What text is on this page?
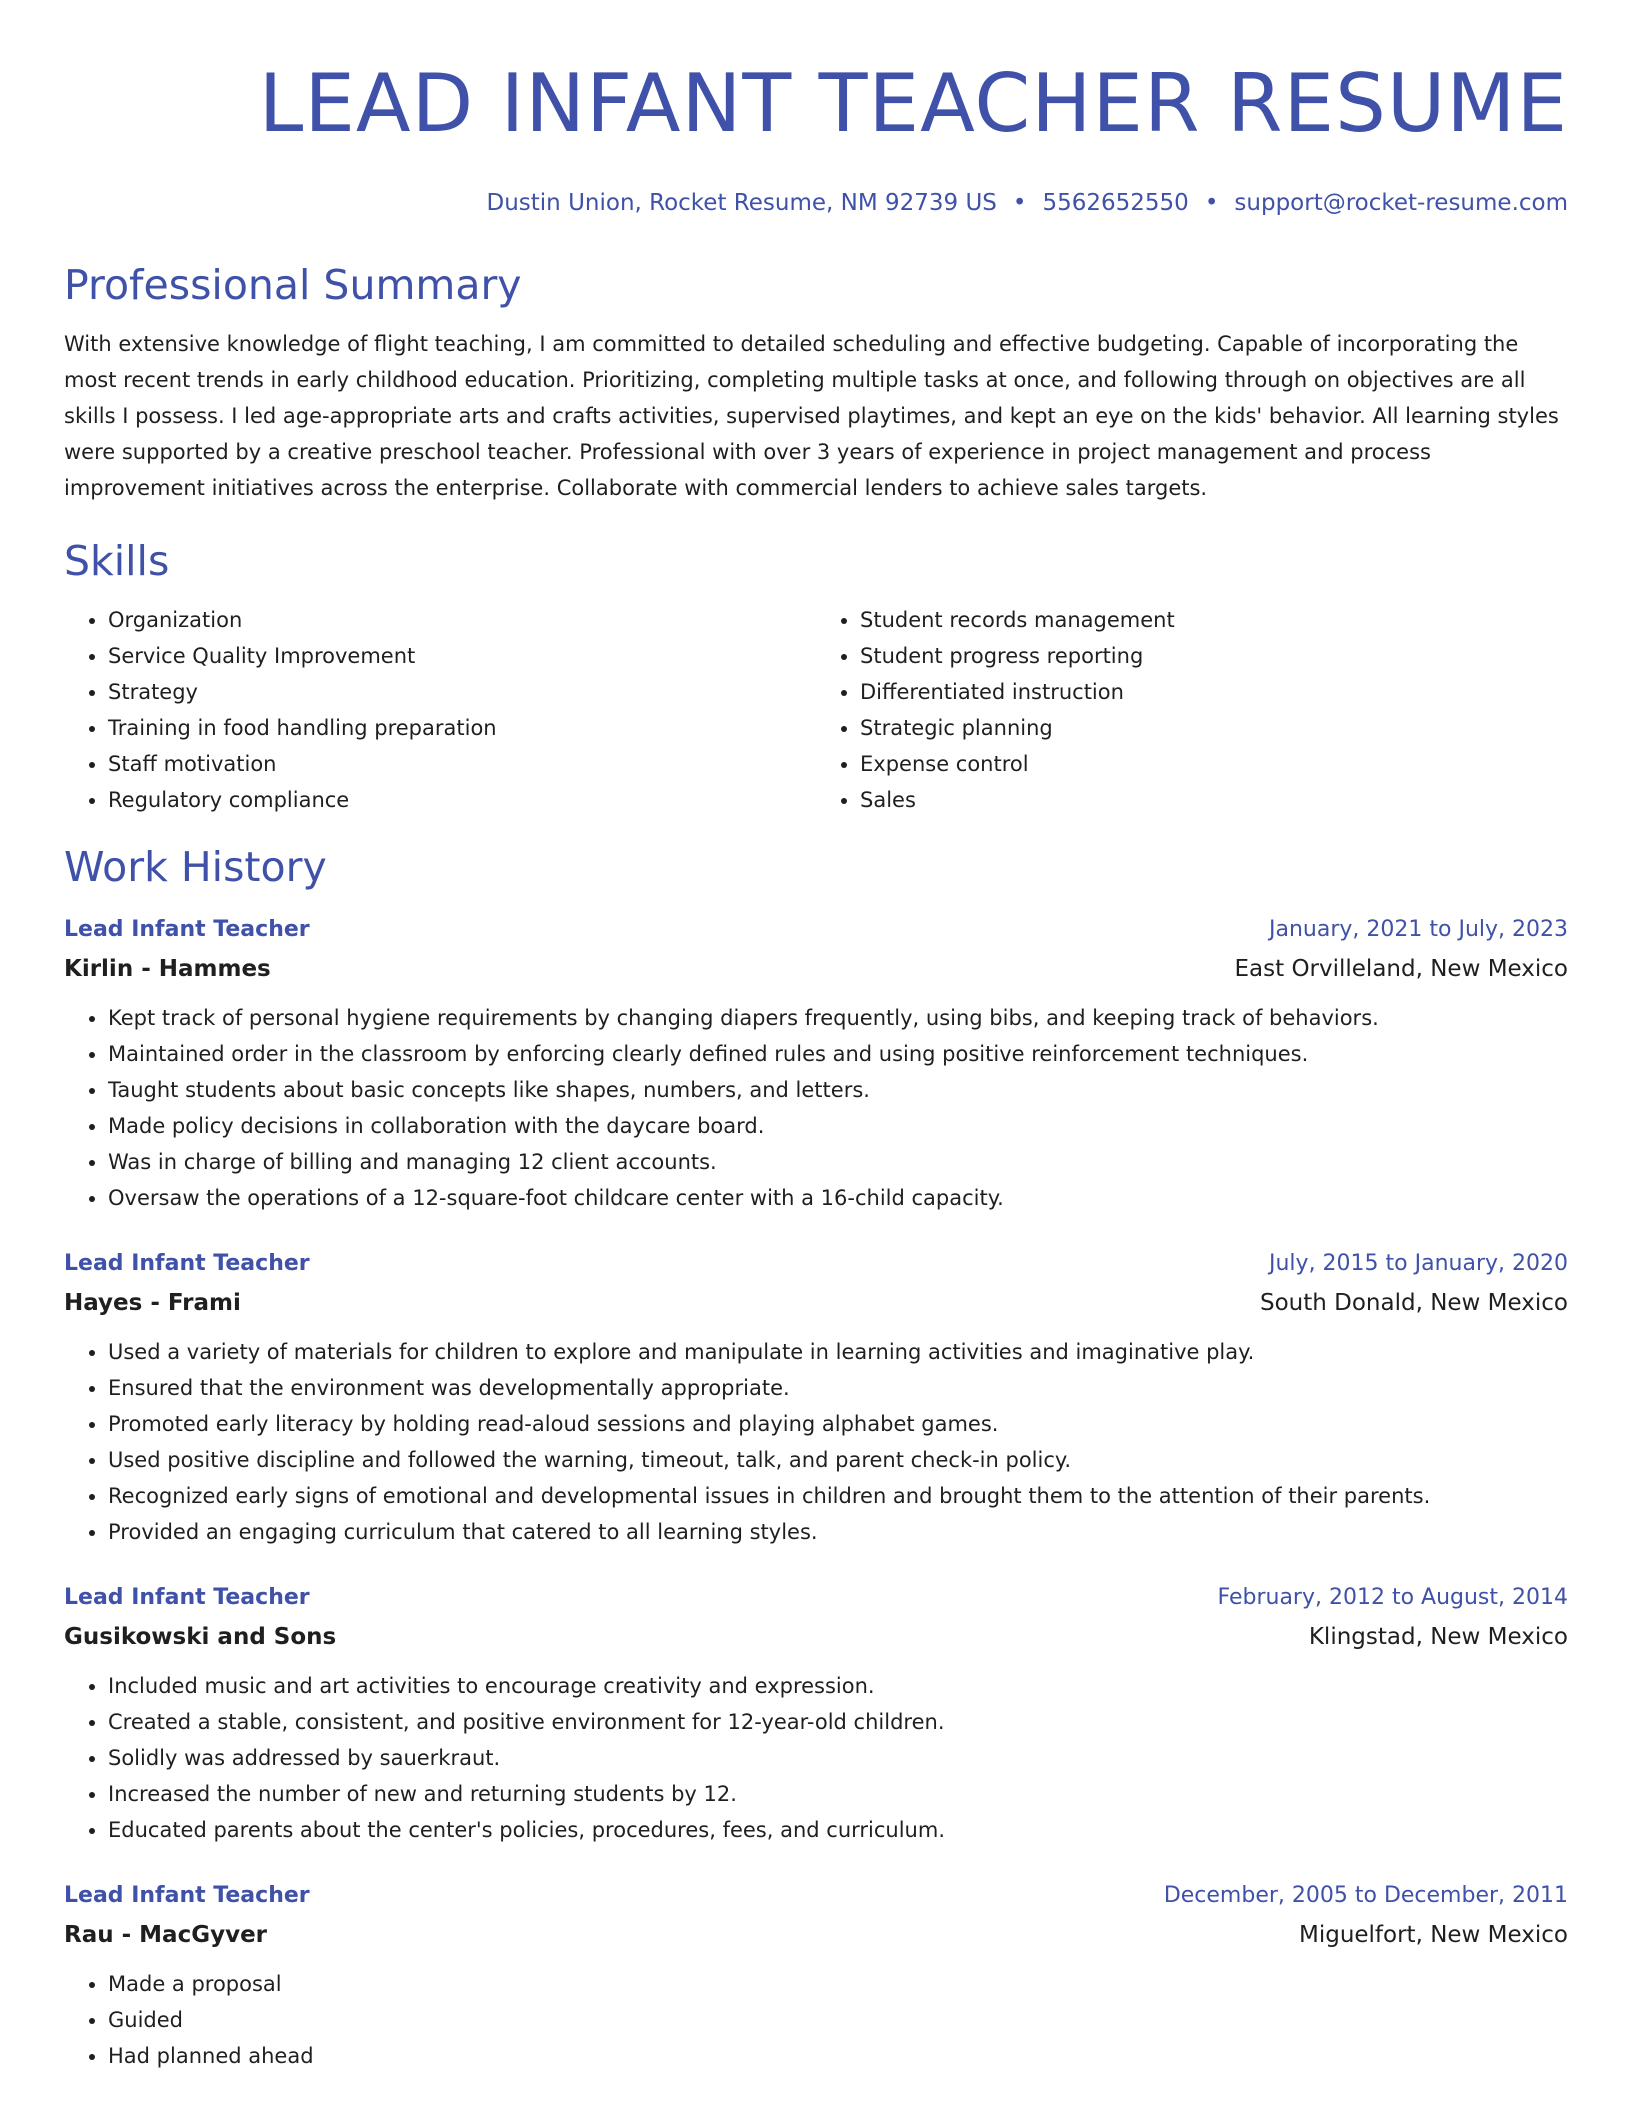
LEAD INFANT TEACHER RESUME
Dustin Union, Rocket Resume, NM 92739 US • 5562652550 • support@rocket-resume.com
Professional Summary
With extensive knowledge of flight teaching, I am committed to detailed scheduling and effective budgeting. Capable of incorporating the most recent trends in early childhood education. Prioritizing, completing multiple tasks at once, and following through on objectives are all skills I possess. I led age-appropriate arts and crafts activities, supervised playtimes, and kept an eye on the kids' behavior. All learning styles were supported by a creative preschool teacher. Professional with over 3 years of experience in project management and process improvement initiatives across the enterprise. Collaborate with commercial lenders to achieve sales targets.
Skills
• Organization
• Service Quality Improvement
• Strategy
• Training in food handling preparation
• Staff motivation
• Regulatory compliance
• Student records management
• Student progress reporting
• Differentiated instruction
• Strategic planning
• Expense control
• Sales
Work History
Lead Infant Teacher	January, 2021 to July, 2023
Kirlin - Hammes	East Orvilleland, New Mexico
• Kept track of personal hygiene requirements by changing diapers frequently, using bibs, and keeping track of behaviors.
• Maintained order in the classroom by enforcing clearly defined rules and using positive reinforcement techniques.
• Taught students about basic concepts like shapes, numbers, and letters.
• Made policy decisions in collaboration with the daycare board.
• Was in charge of billing and managing 12 client accounts.
• Oversaw the operations of a 12-square-foot childcare center with a 16-child capacity.
Lead Infant Teacher	July, 2015 to January, 2020
Hayes - Frami	South Donald, New Mexico
• Used a variety of materials for children to explore and manipulate in learning activities and imaginative play.
• Ensured that the environment was developmentally appropriate.
• Promoted early literacy by holding read-aloud sessions and playing alphabet games.
• Used positive discipline and followed the warning, timeout, talk, and parent check-in policy.
• Recognized early signs of emotional and developmental issues in children and brought them to the attention of their parents.
• Provided an engaging curriculum that catered to all learning styles.
Lead Infant Teacher	February, 2012 to August, 2014
Gusikowski and Sons	Klingstad, New Mexico
• Included music and art activities to encourage creativity and expression.
• Created a stable, consistent, and positive environment for 12-year-old children.
• Solidly was addressed by sauerkraut.
• Increased the number of new and returning students by 12.
• Educated parents about the center's policies, procedures, fees, and curriculum.
Lead Infant Teacher	December, 2005 to December, 2011
Rau - MacGyver	Miguelfort, New Mexico
• Made a proposal
• Guided
• Had planned ahead
